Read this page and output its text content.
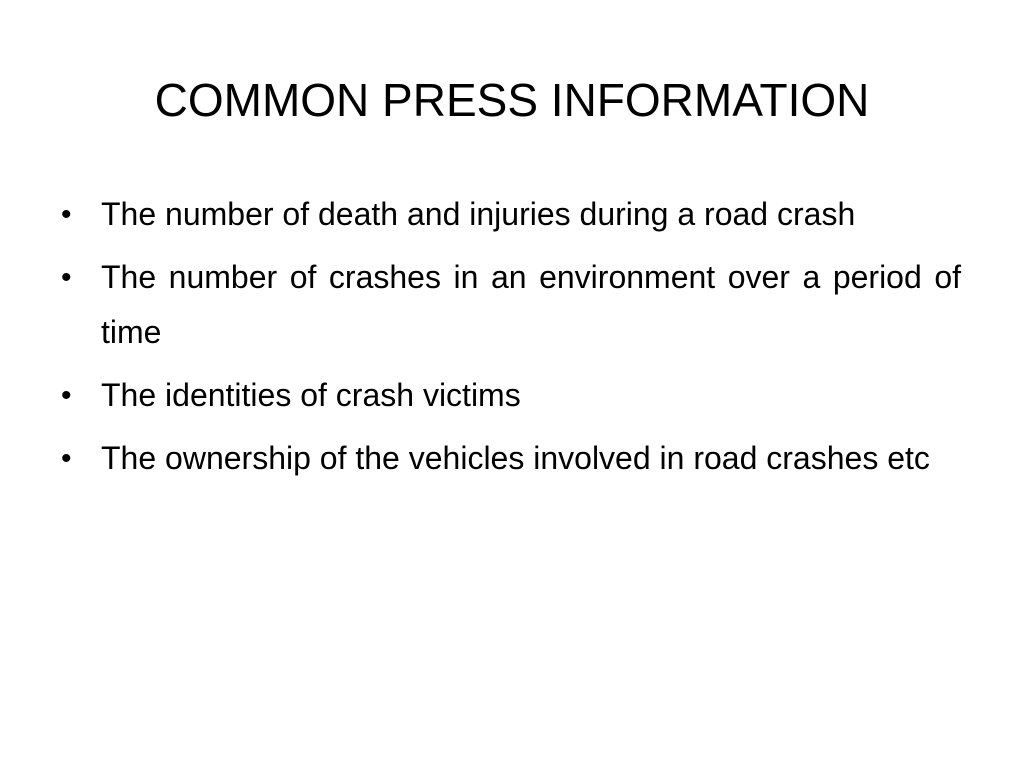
COMMON PRESS INFORMATION
• The number of death and injuries during a road crash
• The number of crashes in an environment over a period of time
• The identities of crash victims
• The ownership of the vehicles involved in road crashes etc
